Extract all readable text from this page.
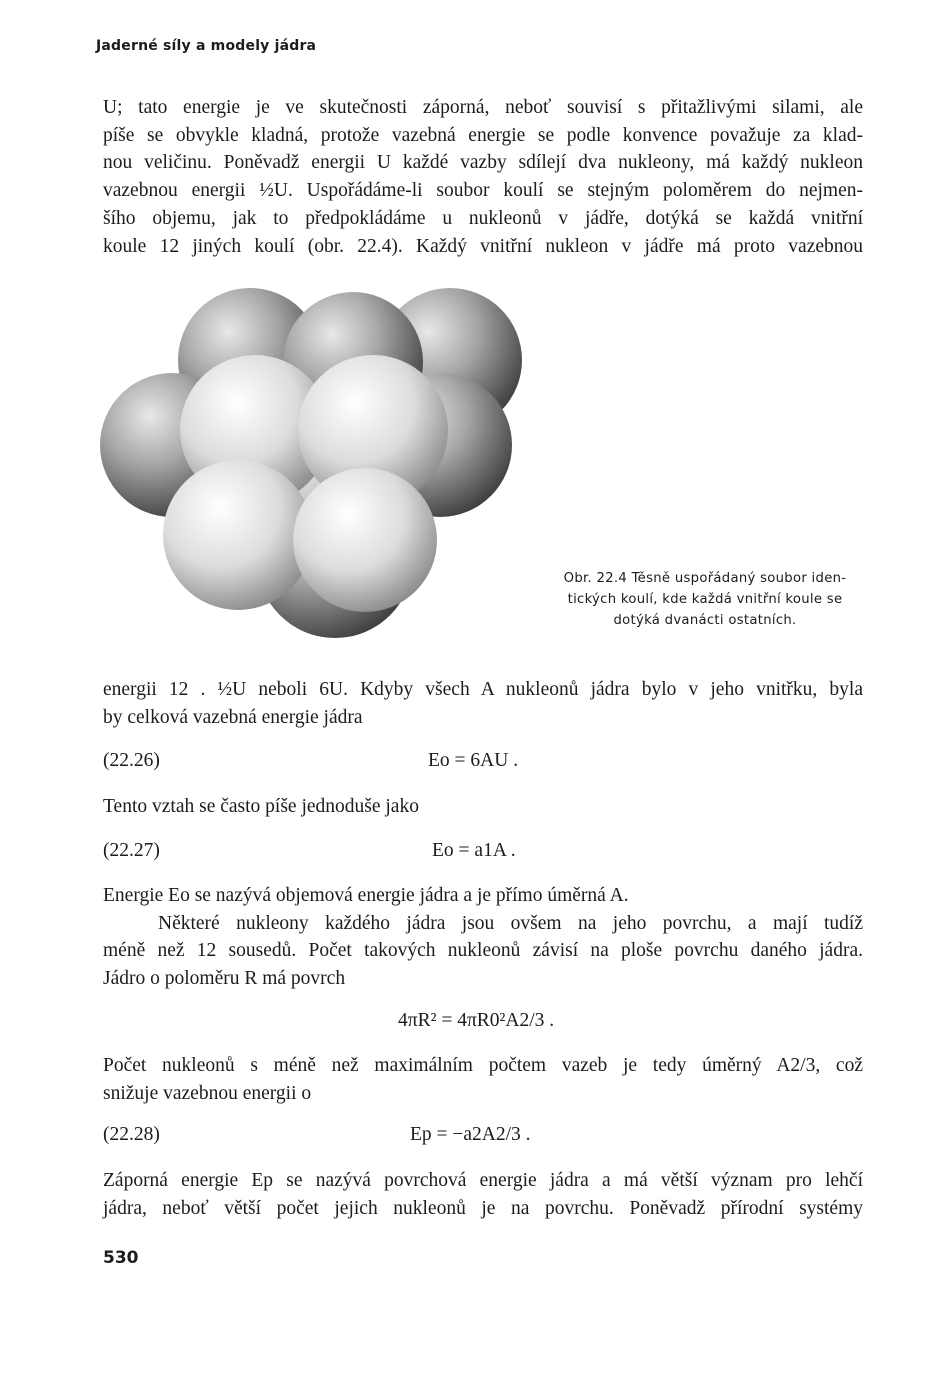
Jaderné síly a modely jádra
U; tato energie je ve skutečnosti záporná, neboť souvisí s přitažlivými silami, ale
píše se obvykle kladná, protože vazebná energie se podle konvence považuje za klad-
nou veličinu. Poněvadž energii U každé vazby sdílejí dva nukleony, má každý nukleon
vazebnou energii ½U. Uspořádáme-li soubor koulí se stejným poloměrem do nejmen-
šího objemu, jak to předpokládáme u nukleonů v jádře, dotýká se každá vnitřní
koule 12 jiných koulí (obr. 22.4). Každý vnitřní nukleon v jádře má proto vazebnou
Obr. 22.4 Těsně uspořádaný soubor iden-
tických koulí, kde každá vnitřní koule se
dotýká dvanácti ostatních.
energii 12 . ½U neboli 6U. Kdyby všech A nukleonů jádra bylo v jeho vnitřku, byla
by celková vazebná energie jádra
(22.26)	Eo = 6AU .
Tento vztah se často píše jednoduše jako
(22.27)	Eo = a1A .
Energie Eo se nazývá objemová energie jádra a je přímo úměrná A.
Některé nukleony každého jádra jsou ovšem na jeho povrchu, a mají tudíž
méně než 12 sousedů. Počet takových nukleonů závisí na ploše povrchu daného jádra.
Jádro o poloměru R má povrch
4πR² = 4πR0²A2/3 .
Počet nukleonů s méně než maximálním počtem vazeb je tedy úměrný A2/3, což
snižuje vazebnou energii o
(22.28)	Ep = −a2A2/3 .
Záporná energie Ep se nazývá povrchová energie jádra a má větší význam pro lehčí
jádra, neboť větší počet jejich nukleonů je na povrchu. Poněvadž přírodní systémy
530
